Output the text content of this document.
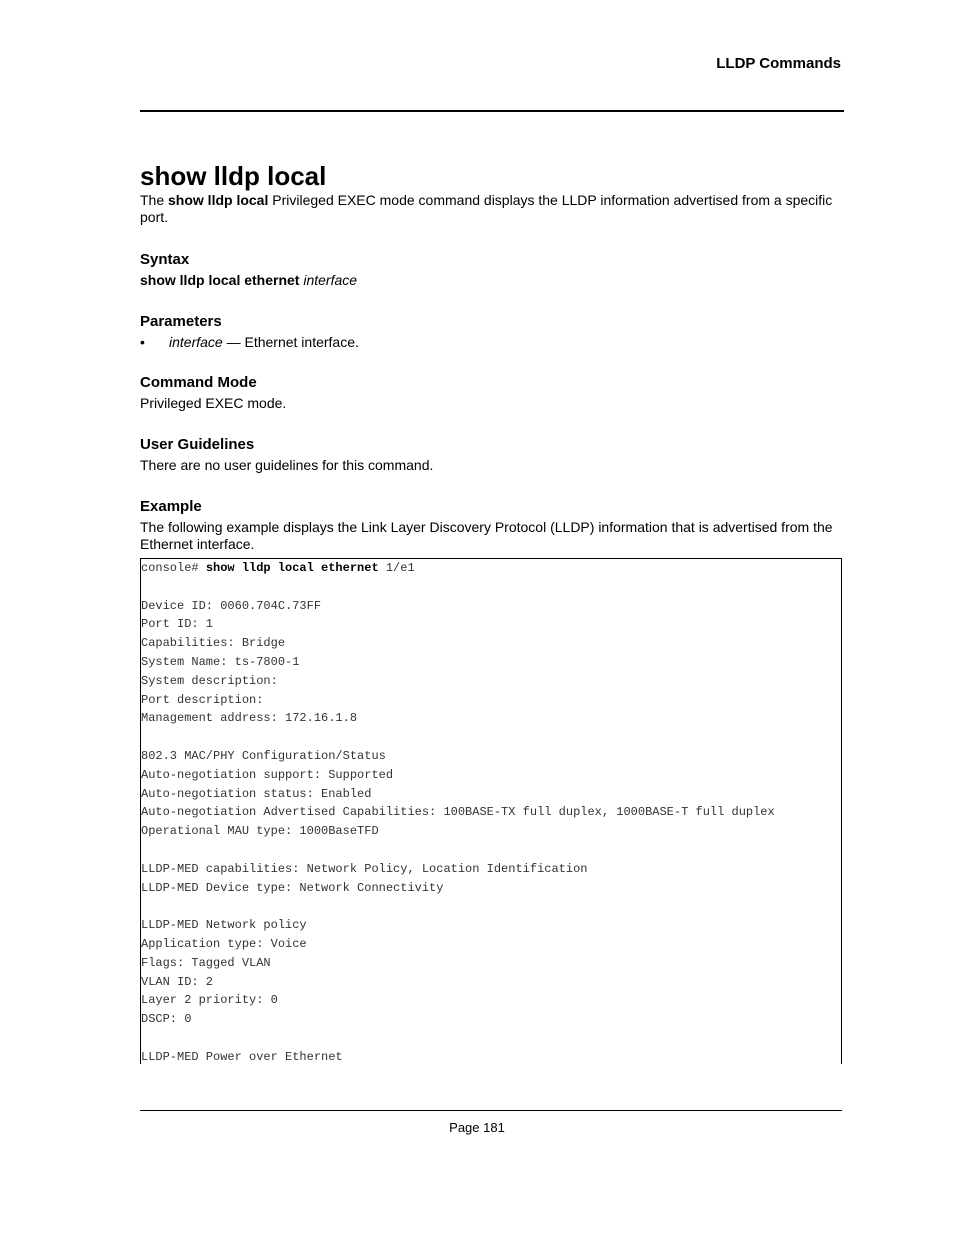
LLDP Commands
show lldp local

The show lldp local Privileged EXEC mode command displays the LLDP information advertised from a specific port.

Syntax

show lldp local ethernet interface

Parameters
•	interface — Ethernet interface.
Command Mode

Privileged EXEC mode.

User Guidelines

There are no user guidelines for this command.

Example

The following example displays the Link Layer Discovery Protocol (LLDP) information that is advertised from the Ethernet interface.

console# show lldp local ethernet 1/e1

Device ID: 0060.704C.73FF
Port ID: 1
Capabilities: Bridge
System Name: ts-7800-1
System description:
Port description:
Management address: 172.16.1.8

802.3 MAC/PHY Configuration/Status
Auto-negotiation support: Supported
Auto-negotiation status: Enabled
Auto-negotiation Advertised Capabilities: 100BASE-TX full duplex, 1000BASE-T full duplex
Operational MAU type: 1000BaseTFD

LLDP-MED capabilities: Network Policy, Location Identification
LLDP-MED Device type: Network Connectivity

LLDP-MED Network policy
Application type: Voice
Flags: Tagged VLAN
VLAN ID: 2
Layer 2 priority: 0
DSCP: 0

LLDP-MED Power over Ethernet
Page 181
